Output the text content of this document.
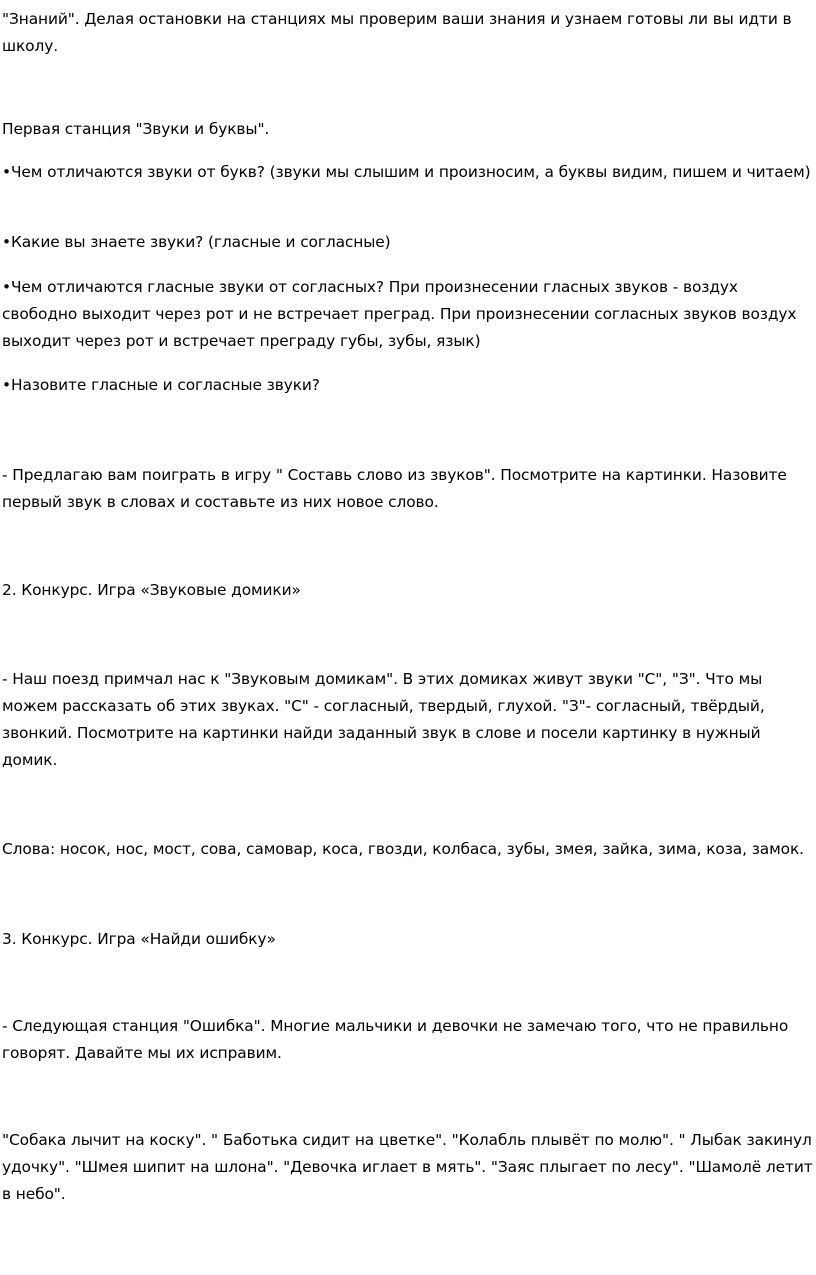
"Знаний". Делая остановки на станциях мы проверим ваши знания и узнаем готовы ли вы идти в школу.

Первая станция "Звуки и буквы".

•Чем отличаются звуки от букв? (звуки мы слышим и произносим, а буквы видим, пишем и читаем)

•Какие вы знаете звуки? (гласные и согласные)

•Чем отличаются гласные звуки от согласных? При произнесении гласных звуков - воздух свободно выходит через рот и не встречает преград. При произнесении согласных звуков воздух выходит через рот и встречает преграду губы, зубы, язык)

•Назовите гласные и согласные звуки?

- Предлагаю вам поиграть в игру " Составь слово из звуков". Посмотрите на картинки. Назовите первый звук в словах и составьте из них новое слово.

2. Конкурс. Игра «Звуковые домики»

- Наш поезд примчал нас к "Звуковым домикам". В этих домиках живут звуки "С", "З". Что мы можем рассказать об этих звуках. "С" - согласный, твердый, глухой. "З"- согласный, твёрдый, звонкий. Посмотрите на картинки найди заданный звук в слове и посели картинку в нужный домик.

Слова: носок, нос, мост, сова, самовар, коса, гвозди, колбаса, зубы, змея, зайка, зима, коза, замок.

3. Конкурс. Игра «Найди ошибку»

- Следующая станция "Ошибка". Многие мальчики и девочки не замечаю того, что не правильно говорят. Давайте мы их исправим.

"Собака лычит на коску". " Баботька сидит на цветке". "Колабль плывёт по молю". " Лыбак закинул удочку". "Шмея шипит на шлона". "Девочка иглает в мять". "Заяс плыгает по лесу". "Шамолё летит в небо".
